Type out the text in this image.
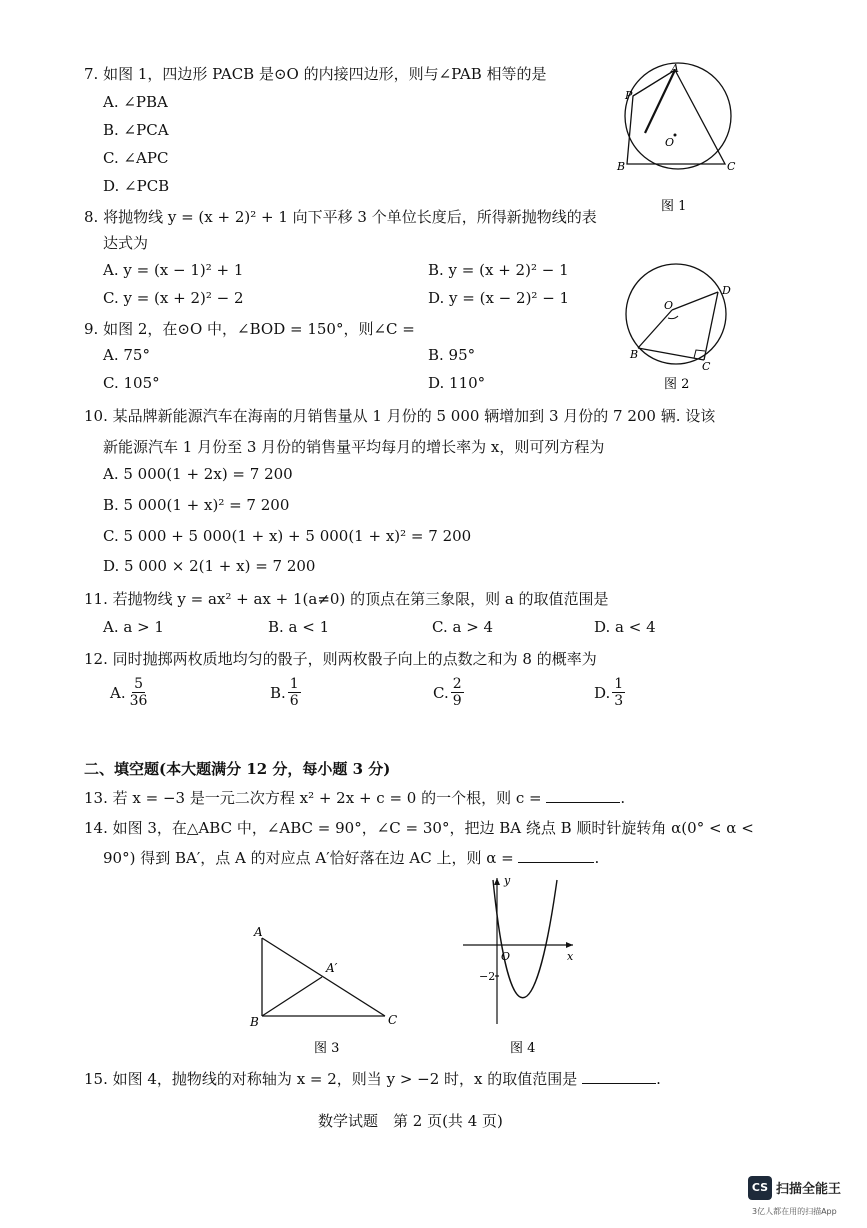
7. 如图 1，四边形 PACB 是⊙O 的内接四边形，则与∠PAB 相等的是
A. ∠PBA
B. ∠PCA
C. ∠APC
D. ∠PCB
A
P
O
B	C
图 1
8. 将抛物线 y = (x + 2)² + 1 向下平移 3 个单位长度后，所得新抛物线的表
达式为
A. y = (x − 1)² + 1	B. y = (x + 2)² − 1
C. y = (x + 2)² − 2	D. y = (x − 2)² − 1	O
D
B
C
图 2
9. 如图 2，在⊙O 中，∠BOD = 150°，则∠C =
A. 75°	B. 95°
C. 105°	D. 110°
10. 某品牌新能源汽车在海南的月销售量从 1 月份的 5 000 辆增加到 3 月份的 7 200 辆. 设该
新能源汽车 1 月份至 3 月份的销售量平均每月的增长率为 x，则可列方程为
A. 5 000(1 + 2x) = 7 200
B. 5 000(1 + x)² = 7 200
C. 5 000 + 5 000(1 + x) + 5 000(1 + x)² = 7 200
D. 5 000 × 2(1 + x) = 7 200
11. 若抛物线 y = ax² + ax + 1(a≠0) 的顶点在第三象限，则 a 的取值范围是
A. a > 1	B. a < 1	C. a > 4	D. a < 4
12. 同时抛掷两枚质地均匀的骰子，则两枚骰子向上的点数之和为 8 的概率为
A. $\frac{5}{36}$	B. $\frac{1}{6}$	C. $\frac{2}{9}$	D. $\frac{1}{3}$
二、填空题(本大题满分 12 分，每小题 3 分)
13. 若 x = −3 是一元二次方程 x² + 2x + c = 0 的一个根，则 c =	.
14. 如图 3，在△ABC 中，∠ABC = 90°，∠C = 30°，把边 BA 绕点 B 顺时针旋转角 α(0° < α <
90°) 得到 BA′，点 A 的对应点 A′恰好落在边 AC 上，则 α =	.
A
A′
B	C
图 3
y
x
O
−2
图 4
15. 如图 4，抛物线的对称轴为 x = 2，则当 y > −2 时，x 的取值范围是	.
数学试题　第 2 页(共 4 页)
CS 扫描全能王
3亿人都在用的扫描App
